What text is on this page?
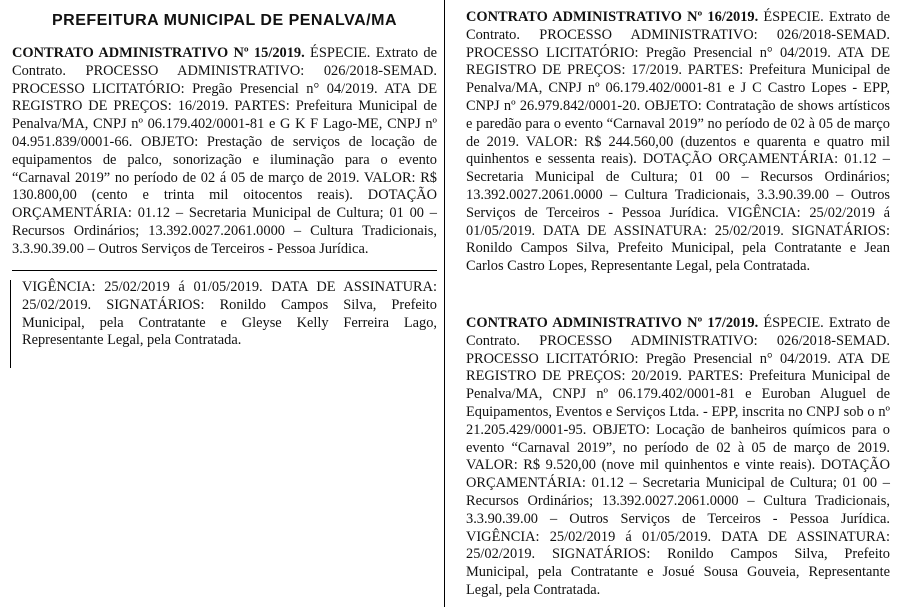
PREFEITURA MUNICIPAL DE PENALVA/MA

CONTRATO ADMINISTRATIVO Nº 15/2019. ÉSPECIE. Extrato de Contrato. PROCESSO ADMINISTRATIVO: 026/2018-SEMAD. PROCESSO LICITATÓRIO: Pregão Presencial n° 04/2019. ATA DE REGISTRO DE PREÇOS: 16/2019. PARTES: Prefeitura Municipal de Penalva/MA, CNPJ nº 06.179.402/0001-81 e G K F Lago-ME, CNPJ nº 04.951.839/0001-66. OBJETO: Prestação de serviços de locação de equipamentos de palco, sonorização e iluminação para o evento “Carnaval 2019” no período de 02 á 05 de março de 2019. VALOR: R$ 130.800,00 (cento e trinta mil oitocentos reais). DOTAÇÃO ORÇAMENTÁRIA: 01.12 – Secretaria Municipal de Cultura; 01 00 – Recursos Ordinários; 13.392.0027.2061.0000 – Cultura Tradicionais, 3.3.90.39.00 – Outros Serviços de Terceiros - Pessoa Jurídica.

VIGÊNCIA: 25/02/2019 á 01/05/2019. DATA DE ASSINATURA: 25/02/2019. SIGNATÁRIOS: Ronildo Campos Silva, Prefeito Municipal, pela Contratante e Gleyse Kelly Ferreira Lago, Representante Legal, pela Contratada.

CONTRATO ADMINISTRATIVO Nº 16/2019. ÉSPECIE. Extrato de Contrato. PROCESSO ADMINISTRATIVO: 026/2018-SEMAD. PROCESSO LICITATÓRIO: Pregão Presencial n° 04/2019. ATA DE REGISTRO DE PREÇOS: 17/2019. PARTES: Prefeitura Municipal de Penalva/MA, CNPJ nº 06.179.402/0001-81 e J C Castro Lopes - EPP, CNPJ nº 26.979.842/0001-20. OBJETO: Contratação de shows artísticos e paredão para o evento “Carnaval 2019” no período de 02 à 05 de março de 2019. VALOR: R$ 244.560,00 (duzentos e quarenta e quatro mil quinhentos e sessenta reais). DOTAÇÃO ORÇAMENTÁRIA: 01.12 – Secretaria Municipal de Cultura; 01 00 – Recursos Ordinários; 13.392.0027.2061.0000 – Cultura Tradicionais, 3.3.90.39.00 – Outros Serviços de Terceiros - Pessoa Jurídica. VIGÊNCIA: 25/02/2019 á 01/05/2019. DATA DE ASSINATURA: 25/02/2019. SIGNATÁRIOS: Ronildo Campos Silva, Prefeito Municipal, pela Contratante e Jean Carlos Castro Lopes, Representante Legal, pela Contratada.

CONTRATO ADMINISTRATIVO Nº 17/2019. ÉSPECIE. Extrato de Contrato. PROCESSO ADMINISTRATIVO: 026/2018-SEMAD. PROCESSO LICITATÓRIO: Pregão Presencial n° 04/2019. ATA DE REGISTRO DE PREÇOS: 20/2019. PARTES: Prefeitura Municipal de Penalva/MA, CNPJ nº 06.179.402/0001-81 e Euroban Aluguel de Equipamentos, Eventos e Serviços Ltda. - EPP, inscrita no CNPJ sob o nº 21.205.429/0001-95. OBJETO: Locação de banheiros químicos para o evento “Carnaval 2019”, no período de 02 à 05 de março de 2019. VALOR: R$ 9.520,00 (nove mil quinhentos e vinte reais). DOTAÇÃO ORÇAMENTÁRIA: 01.12 – Secretaria Municipal de Cultura; 01 00 – Recursos Ordinários; 13.392.0027.2061.0000 – Cultura Tradicionais, 3.3.90.39.00 – Outros Serviços de Terceiros - Pessoa Jurídica. VIGÊNCIA: 25/02/2019 á 01/05/2019. DATA DE ASSINATURA: 25/02/2019. SIGNATÁRIOS: Ronildo Campos Silva, Prefeito Municipal, pela Contratante e Josué Sousa Gouveia, Representante Legal, pela Contratada.
